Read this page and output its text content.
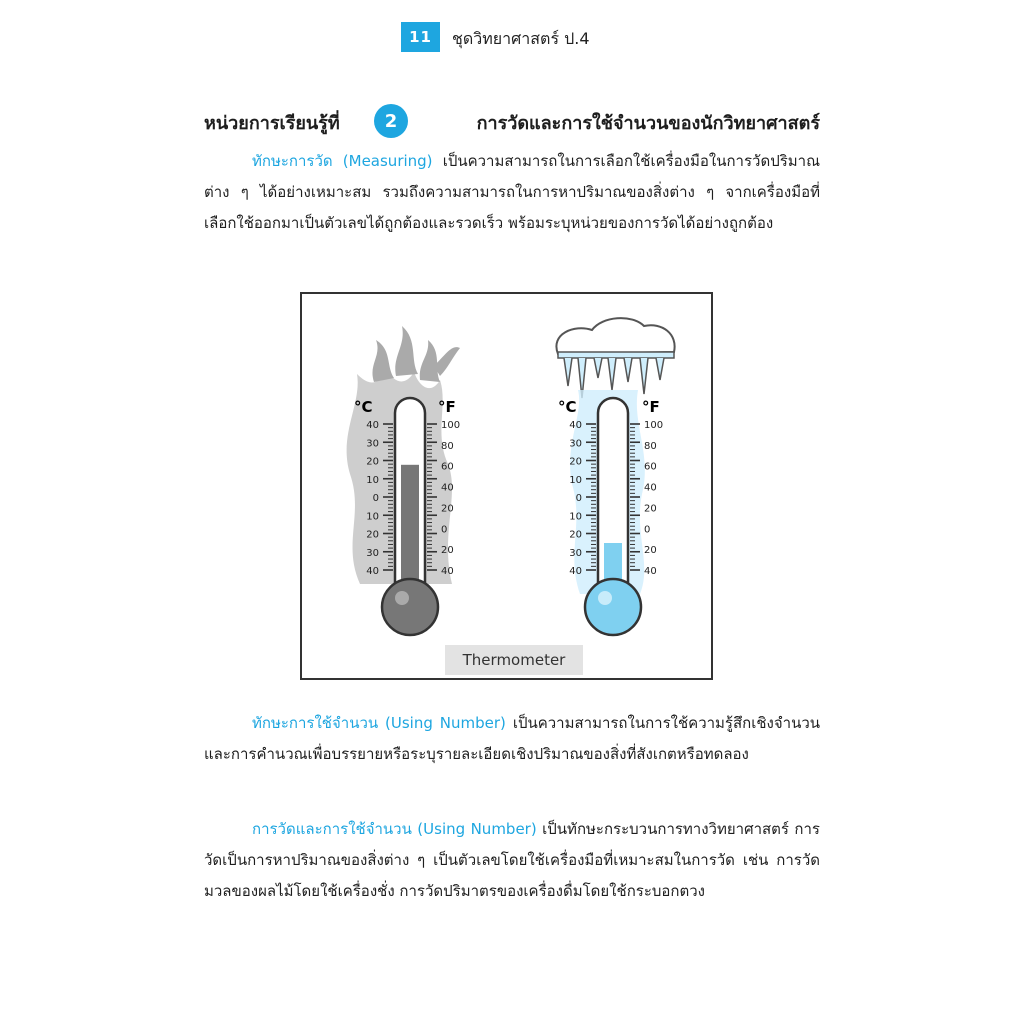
11	ชุดวิทยาศาสตร์ ป.4
หน่วยการเรียนรู้ที่	2	การวัดและการใช้จำนวนของนักวิทยาศาสตร์

ทักษะการวัด (Measuring) เป็นความสามารถในการเลือกใช้เครื่องมือในการวัดปริมาณต่าง ๆ ได้อย่างเหมาะสม รวมถึงความสามารถในการหาปริมาณของสิ่งต่าง ๆ จากเครื่องมือที่เลือกใช้ออกมาเป็นตัวเลขได้ถูกต้องและรวดเร็ว พร้อมระบุหน่วยของการวัดได้อย่างถูกต้อง

40
30
20
10
0
10
20
30
40
100
80
60
40
20
0
20
40
40
30
20
10
0
10
20
30
40
100
80
60
40
20
0
20
40
°C	°F	°C	°F
Thermometer

ทักษะการใช้จำนวน (Using Number) เป็นความสามารถในการใช้ความรู้สึกเชิงจำนวน และการคำนวณเพื่อบรรยายหรือระบุรายละเอียดเชิงปริมาณของสิ่งที่สังเกตหรือทดลอง

การวัดและการใช้จำนวน (Using Number) เป็นทักษะกระบวนการทางวิทยาศาสตร์ การวัดเป็นการหาปริมาณของสิ่งต่าง ๆ เป็นตัวเลขโดยใช้เครื่องมือที่เหมาะสมในการวัด เช่น การวัดมวลของผลไม้โดยใช้เครื่องชั่ง การวัดปริมาตรของเครื่องดื่มโดยใช้กระบอกตวง
